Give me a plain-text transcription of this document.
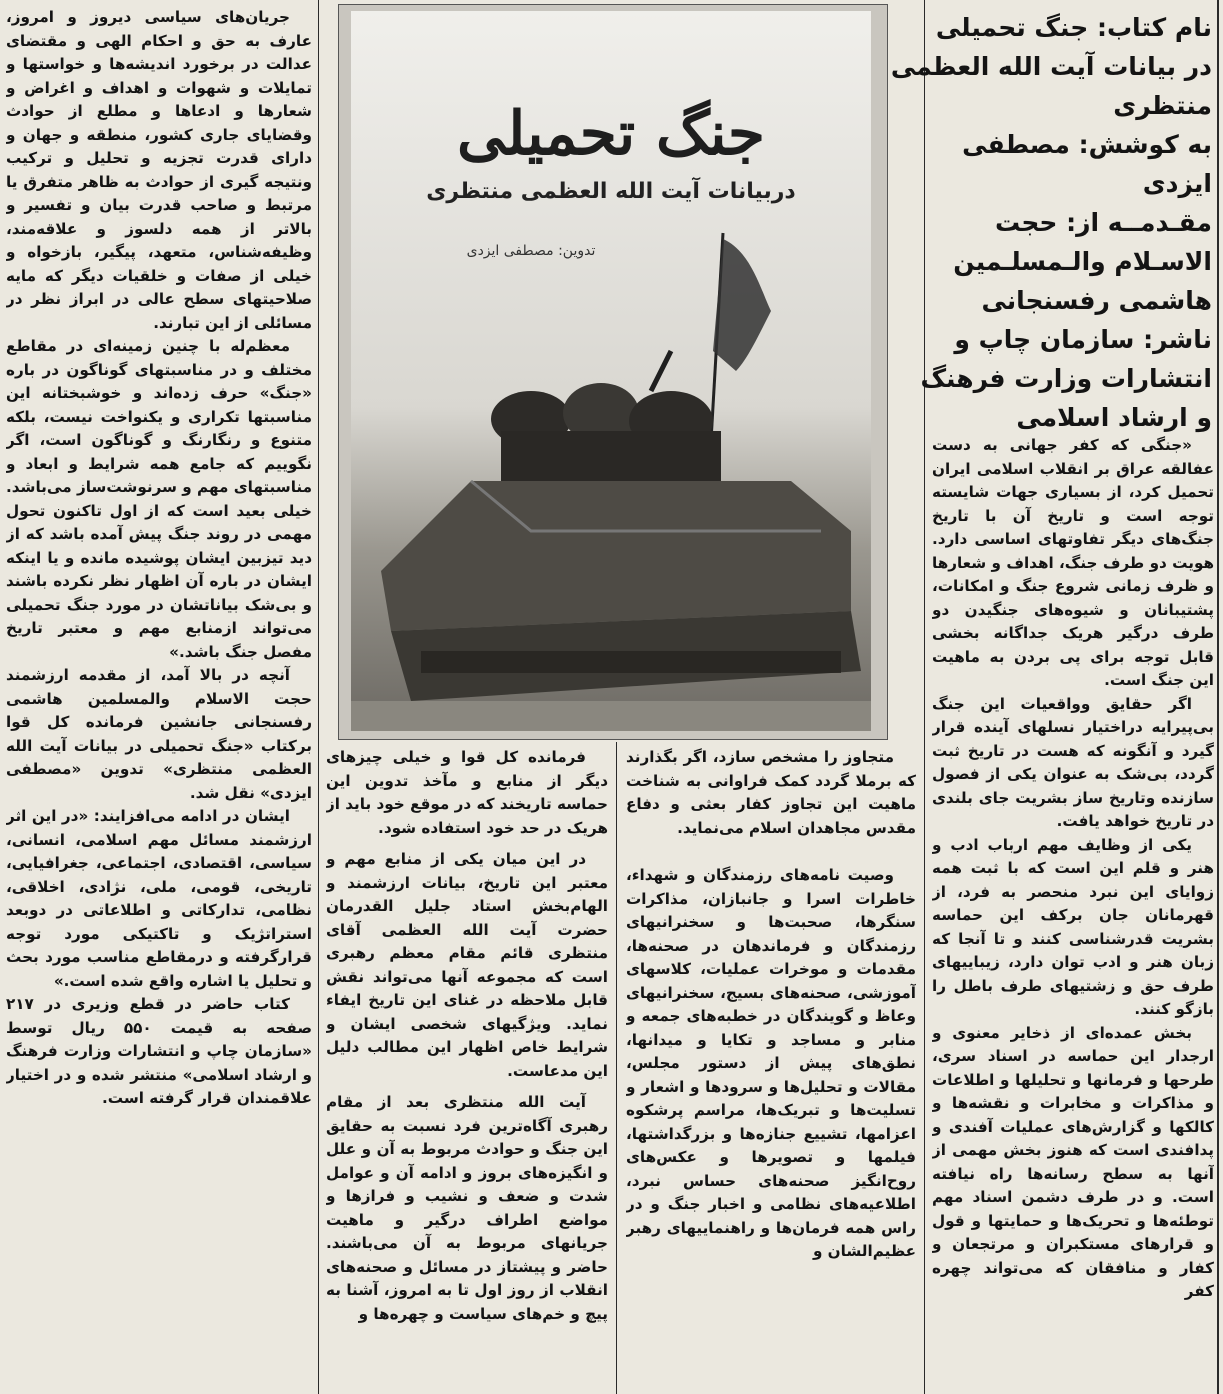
نام کتاب: جنگ تحمیلی
در بیانات آیت الله العظمی
منتظری
به کوشش: مصطفی
ایزدی
مقـدمــه از: حجت
الاسـلام والـمسلـمین
هاشمی رفسنجانی
ناشر: سازمان چاپ و
انتشارات وزارت فرهنگ
و ارشاد اسلامی

«جنگی که کفر جهانی به دست عفالقه عراق بر انقلاب اسلامی ایران تحمیل کرد، از بسیاری جهات شایسته توجه است و تاریخ آن با تاریخ جنگ‌های دیگر تفاوتهای اساسی دارد. هویت دو طرف جنگ، اهداف و شعارها و ظرف زمانی شروع جنگ و امکانات، پشتیبانان و شیوه‌های جنگیدن دو طرف درگیر هریک جداگانه بخشی قابل توجه برای پی بردن به ماهیت این جنگ است.

اگر حقایق وواقعیات این جنگ بی‌پیرایه دراختیار نسلهای آینده قرار گیرد و آنگونه که هست در تاریخ ثبت گردد، بی‌شک به عنوان یکی از فصول سازنده وتاریخ ساز بشریت جای بلندی در تاریخ خواهد یافت.

یکی از وظایف مهم ارباب ادب و هنر و قلم این است که با ثبت همه زوایای این نبرد منحصر به فرد، از قهرمانان جان برکف این حماسه بشریت قدرشناسی کنند و تا آنجا که زبان هنر و ادب توان دارد، زیباییهای طرف حق و زشتیهای طرف باطل را بازگو کنند.

بخش عمده‌ای از ذخایر معنوی و ارجدار این حماسه در اسناد سری، طرحها و فرمانها و تحلیلها و اطلاعات و مذاکرات و مخابرات و نقشه‌ها و کالکها و گزارش‌های عملیات آفندی و پدافندی است که هنوز بخش مهمی از آنها به سطح رسانه‌ها راه نیافته است. و در طرف دشمن اسناد مهم توطئه‌ها و تحریک‌ها و حمایتها و قول و قرارهای مستکبران و مرتجعان و کفار و منافقان که می‌تواند چهره کفر

جنگ تحمیلی
دربیانات آیت الله العظمی منتظری
تدوین: مصطفی ایزدی

متجاوز را مشخص سازد، اگر بگذارند که برملا گردد کمک فراوانی به شناخت ماهیت این تجاوز کفار بعثی و دفاع مقدس مجاهدان اسلام می‌نماید.

وصیت نامه‌های رزمندگان و شهداء، خاطرات اسرا و جانبازان، مذاکرات سنگرها، صحبت‌ها و سخنرانیهای رزمندگان و فرماندهان در صحنه‌ها، مقدمات و موخرات عملیات، کلاسهای آموزشی، صحنه‌های بسیج، سخنرانیهای وعاظ و گویندگان در خطبه‌های جمعه و منابر و مساجد و تکایا و میدانها، نطق‌های پیش از دستور مجلس، مقالات و تحلیل‌ها و سرودها و اشعار و تسلیت‌ها و تبریک‌ها، مراسم پرشکوه اعزامها، تشییع جنازه‌ها و بزرگداشتها، فیلمها و تصویرها و عکس‌های روح‌انگیز صحنه‌های حساس نبرد، اطلاعیه‌های نظامی و اخبار جنگ و در راس همه فرمان‌ها و راهنماییهای رهبر عظیم‌الشان و

فرمانده کل قوا و خیلی چیزهای دیگر از منابع و مآخذ تدوین این حماسه تاریخند که در موقع خود باید از هریک در حد خود استفاده شود.

در این میان یکی از منابع مهم و معتبر این تاریخ، بیانات ارزشمند و الهام‌بخش استاد جلیل القدرمان حضرت آیت الله العظمی آقای منتظری قائم مقام معظم رهبری است که مجموعه آنها می‌تواند نقش قابل ملاحظه در غنای این تاریخ ایفاء نماید. ویژگیهای شخصی ایشان و شرایط خاص اظهار این مطالب دلیل این مدعاست.

آیت الله منتظری بعد از مقام رهبری آگاه‌ترین فرد نسبت به حقایق این جنگ و حوادث مربوط به آن و علل و انگیزه‌های بروز و ادامه آن و عوامل شدت و ضعف و نشیب و فرازها و مواضع اطراف درگیر و ماهیت جریانهای مربوط به آن می‌باشند. حاضر و پیشتاز در مسائل و صحنه‌های انقلاب از روز اول تا به امروز، آشنا به پیچ و خم‌های سیاست و چهره‌ها و

جریان‌های سیاسی دیروز و امروز، عارف به حق و احکام الهی و مقتضای عدالت در برخورد اندیشه‌ها و خواستها و تمایلات و شهوات و اهداف و اغراض و شعارها و ادعاها و مطلع از حوادث وقضایای جاری کشور، منطقه و جهان و دارای قدرت تجزیه و تحلیل و ترکیب ونتیجه گیری از حوادث به ظاهر متفرق یا مرتبط و صاحب قدرت بیان و تفسیر و بالاتر از همه دلسوز و علاقه‌مند، وظیفه‌شناس، متعهد، پیگیر، بازخواه و خیلی از صفات و خلقیات دیگر که مایه صلاحیتهای سطح عالی در ابراز نظر در مسائلی از این تبارند.

معظم‌له با چنین زمینه‌ای در مقاطع مختلف و در مناسبتهای گوناگون در باره «جنگ» حرف زده‌اند و خوشبختانه این مناسبتها تکراری و یکنواخت نیست، بلکه متنوع و رنگارنگ و گوناگون است، اگر نگوییم که جامع همه شرایط و ابعاد و مناسبتهای مهم و سرنوشت‌ساز می‌باشد. خیلی بعید است که از اول تاکنون تحول مهمی در روند جنگ پیش آمده باشد که از دید تیزبین ایشان پوشیده مانده و یا اینکه ایشان در باره آن اظهار نظر نکرده باشند و بی‌شک بیاناتشان در مورد جنگ تحمیلی می‌تواند ازمنابع مهم و معتبر تاریخ مفصل جنگ باشد.»

آنچه در بالا آمد، از مقدمه ارزشمند حجت الاسلام والمسلمین هاشمی رفسنجانی جانشین فرمانده کل قوا برکتاب «جنگ تحمیلی در بیانات آیت الله العظمی منتظری» تدوین «مصطفی ایزدی» نقل شد.

ایشان در ادامه می‌افزایند: «در این اثر ارزشمند مسائل مهم اسلامی، انسانی، سیاسی، اقتصادی، اجتماعی، جغرافیایی، تاریخی، قومی، ملی، نژادی، اخلاقی، نظامی، تدارکاتی و اطلاعاتی در دوبعد استراتژیک و تاکتیکی مورد توجه قرارگرفته و درمقاطع مناسب مورد بحث و تحلیل یا اشاره واقع شده است.»

کتاب حاضر در قطع وزیری در ۲۱۷ صفحه به قیمت ۵۵۰ ریال توسط «سازمان چاپ و انتشارات وزارت فرهنگ و ارشاد اسلامی» منتشر شده و در اختیار علاقمندان قرار گرفته است.
